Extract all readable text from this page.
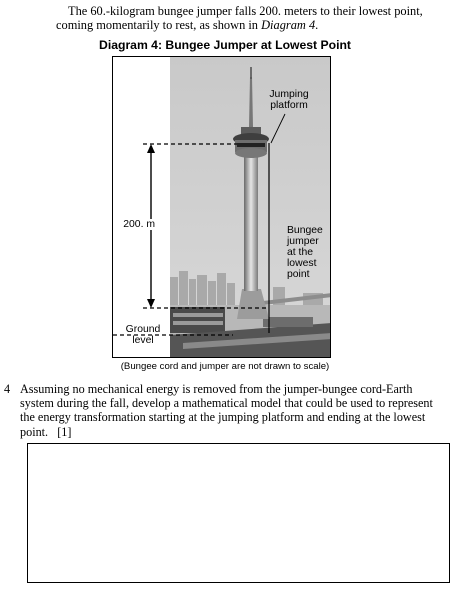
The 60.-kilogram bungee jumper falls 200. meters to their lowest point,
coming momentarily to rest, as shown in Diagram 4.
Diagram 4: Bungee Jumper at Lowest Point
Jumping
platform
200. m
Bungee
jumper
at the
lowest
point
Ground
level
(Bungee cord and jumper are not drawn to scale)
4 Assuming no mechanical energy is removed from the jumper-bungee cord-Earth system during the fall, develop a mathematical model that could be used to represent the energy transformation starting at the jumping platform and ending at the lowest point. [1]
